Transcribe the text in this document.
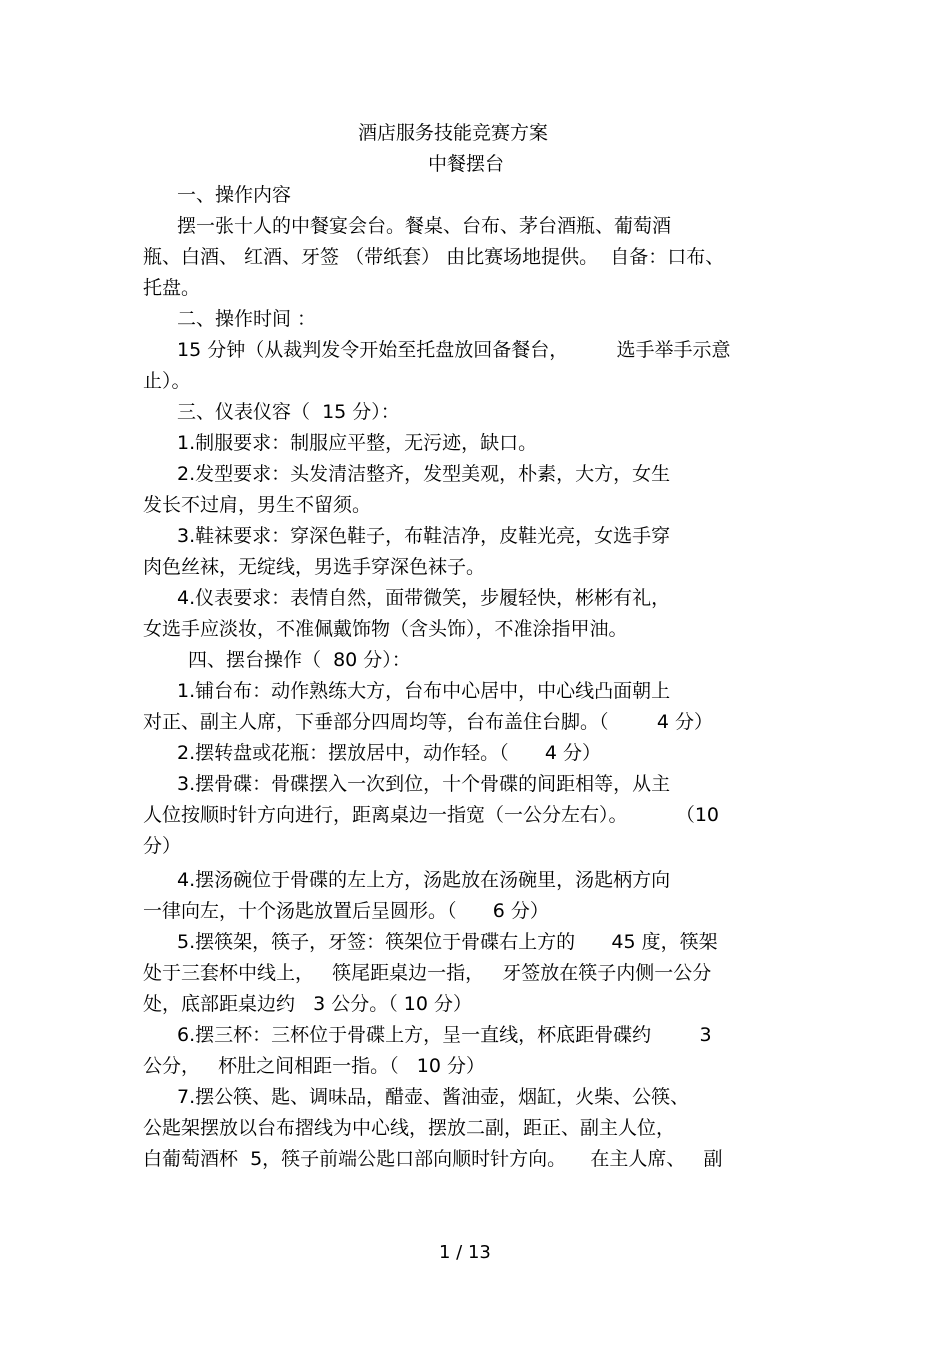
酒店服务技能竞赛方案
中餐摆台
一、操作内容
摆一张十人的中餐宴会台。餐桌、台布、茅台酒瓶、葡萄酒
瓶、白酒、 红酒、牙签 （带纸套） 由比赛场地提供。  自备：口布、
托盘。
二、操作时间 ：
15 分钟（从裁判发令开始至托盘放回备餐台，        选手举手示意
止）。
三、仪表仪容（  15 分）：
1.制服要求：制服应平整，无污迹，缺口。
2.发型要求：头发清洁整齐，发型美观，朴素，大方，女生
发长不过肩，男生不留须。
3.鞋袜要求：穿深色鞋子，布鞋洁净，皮鞋光亮，女选手穿
肉色丝袜，无绽线，男选手穿深色袜子。
4.仪表要求：表情自然，面带微笑，步履轻快，彬彬有礼，
女选手应淡妆，不准佩戴饰物（含头饰），不准涂指甲油。
四、摆台操作（  80 分）：
1.铺台布：动作熟练大方，台布中心居中，中心线凸面朝上
对正、副主人席，下垂部分四周均等，台布盖住台脚。（        4 分）
2.摆转盘或花瓶：摆放居中，动作轻。（      4 分）
3.摆骨碟：骨碟摆入一次到位，十个骨碟的间距相等，从主
人位按顺时针方向进行，距离桌边一指宽（一公分左右）。        （10
分）
4.摆汤碗位于骨碟的左上方，汤匙放在汤碗里，汤匙柄方向
一律向左，十个汤匙放置后呈圆形。（      6 分）
5.摆筷架，筷子，牙签：筷架位于骨碟右上方的      45 度，筷架
处于三套杯中线上，   筷尾距桌边一指，   牙签放在筷子内侧一公分
处，底部距桌边约   3 公分。（ 10 分）
6.摆三杯：三杯位于骨碟上方，呈一直线，杯底距骨碟约        3
公分，   杯肚之间相距一指。（   10 分）
7.摆公筷、匙、调味品，醋壶、酱油壶，烟缸，火柴、公筷、
公匙架摆放以台布摺线为中心线，摆放二副，距正、副主人位，
白葡萄酒杯  5，筷子前端公匙口部向顺时针方向。    在主人席、   副
1 / 13
